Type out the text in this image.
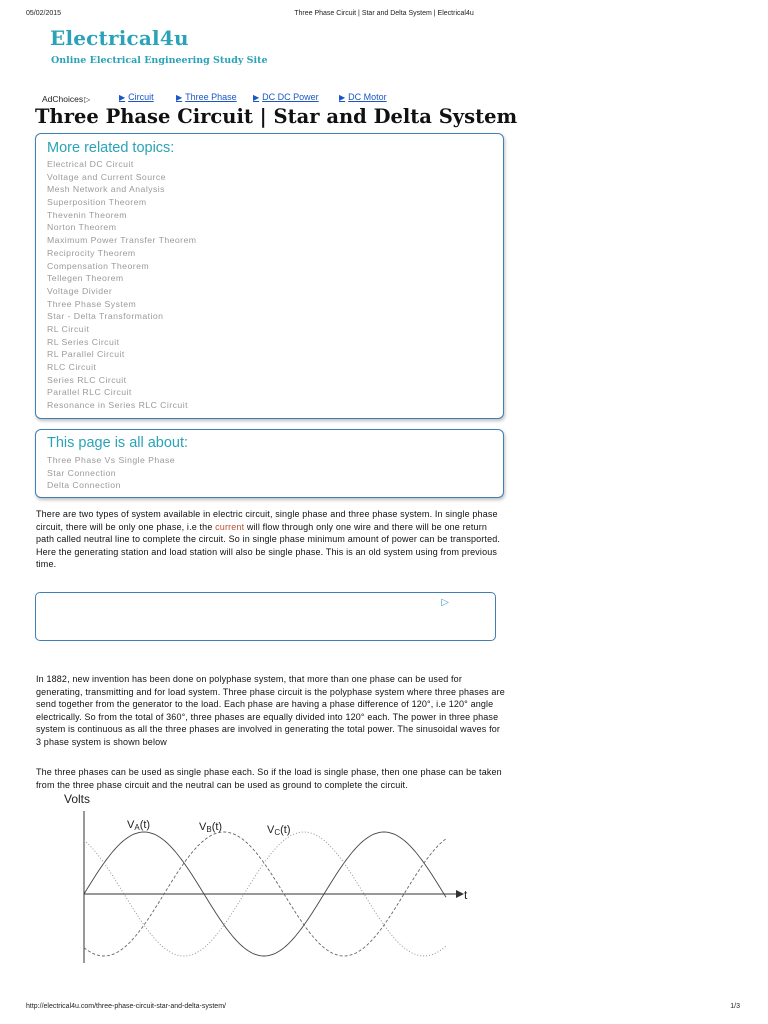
05/02/2015	Three Phase Circuit | Star and Delta System | Electrical4u
Electrical4u
Online Electrical Engineering Study Site
AdChoices▷	▶ Circuit	▶ Three Phase ▶ DC DC Power	▶ DC Motor
Three Phase Circuit | Star and Delta System
More related topics:
Electrical DC Circuit
Voltage and Current Source
Mesh Network and Analysis
Superposition Theorem
Thevenin Theorem
Norton Theorem
Maximum Power Transfer Theorem
Reciprocity Theorem
Compensation Theorem
Tellegen Theorem
Voltage Divider
Three Phase System
Star - Delta Transformation
RL Circuit
RL Series Circuit
RL Parallel Circuit
RLC Circuit
Series RLC Circuit
Parallel RLC Circuit
Resonance in Series RLC Circuit
This page is all about:
Three Phase Vs Single Phase
Star Connection
Delta Connection

There are two types of system available in electric circuit, single phase and three phase system. In single phase circuit, there will be only one phase, i.e the current will flow through only one wire and there will be one return path called neutral line to complete the circuit. So in single phase minimum amount of power can be transported. Here the generating station and load station will also be single phase. This is an old system using from previous time.

▷

In 1882, new invention has been done on polyphase system, that more than one phase can be used for generating, transmitting and for load system. Three phase circuit is the polyphase system where three phases are send together from the generator to the load. Each phase are having a phase difference of 120°, i.e 120° angle electrically. So from the total of 360°, three phases are equally divided into 120° each. The power in three phase system is continuous as all the three phases are involved in generating the total power. The sinusoidal waves for 3 phase system is shown below

The three phases can be used as single phase each. So if the load is single phase, then one phase can be taken from the three phase circuit and the neutral can be used as ground to complete the circuit.

Volts
t
VA(t)	VB(t)	VC(t)
http://electrical4u.com/three-phase-circuit-star-and-delta-system/	1/3
